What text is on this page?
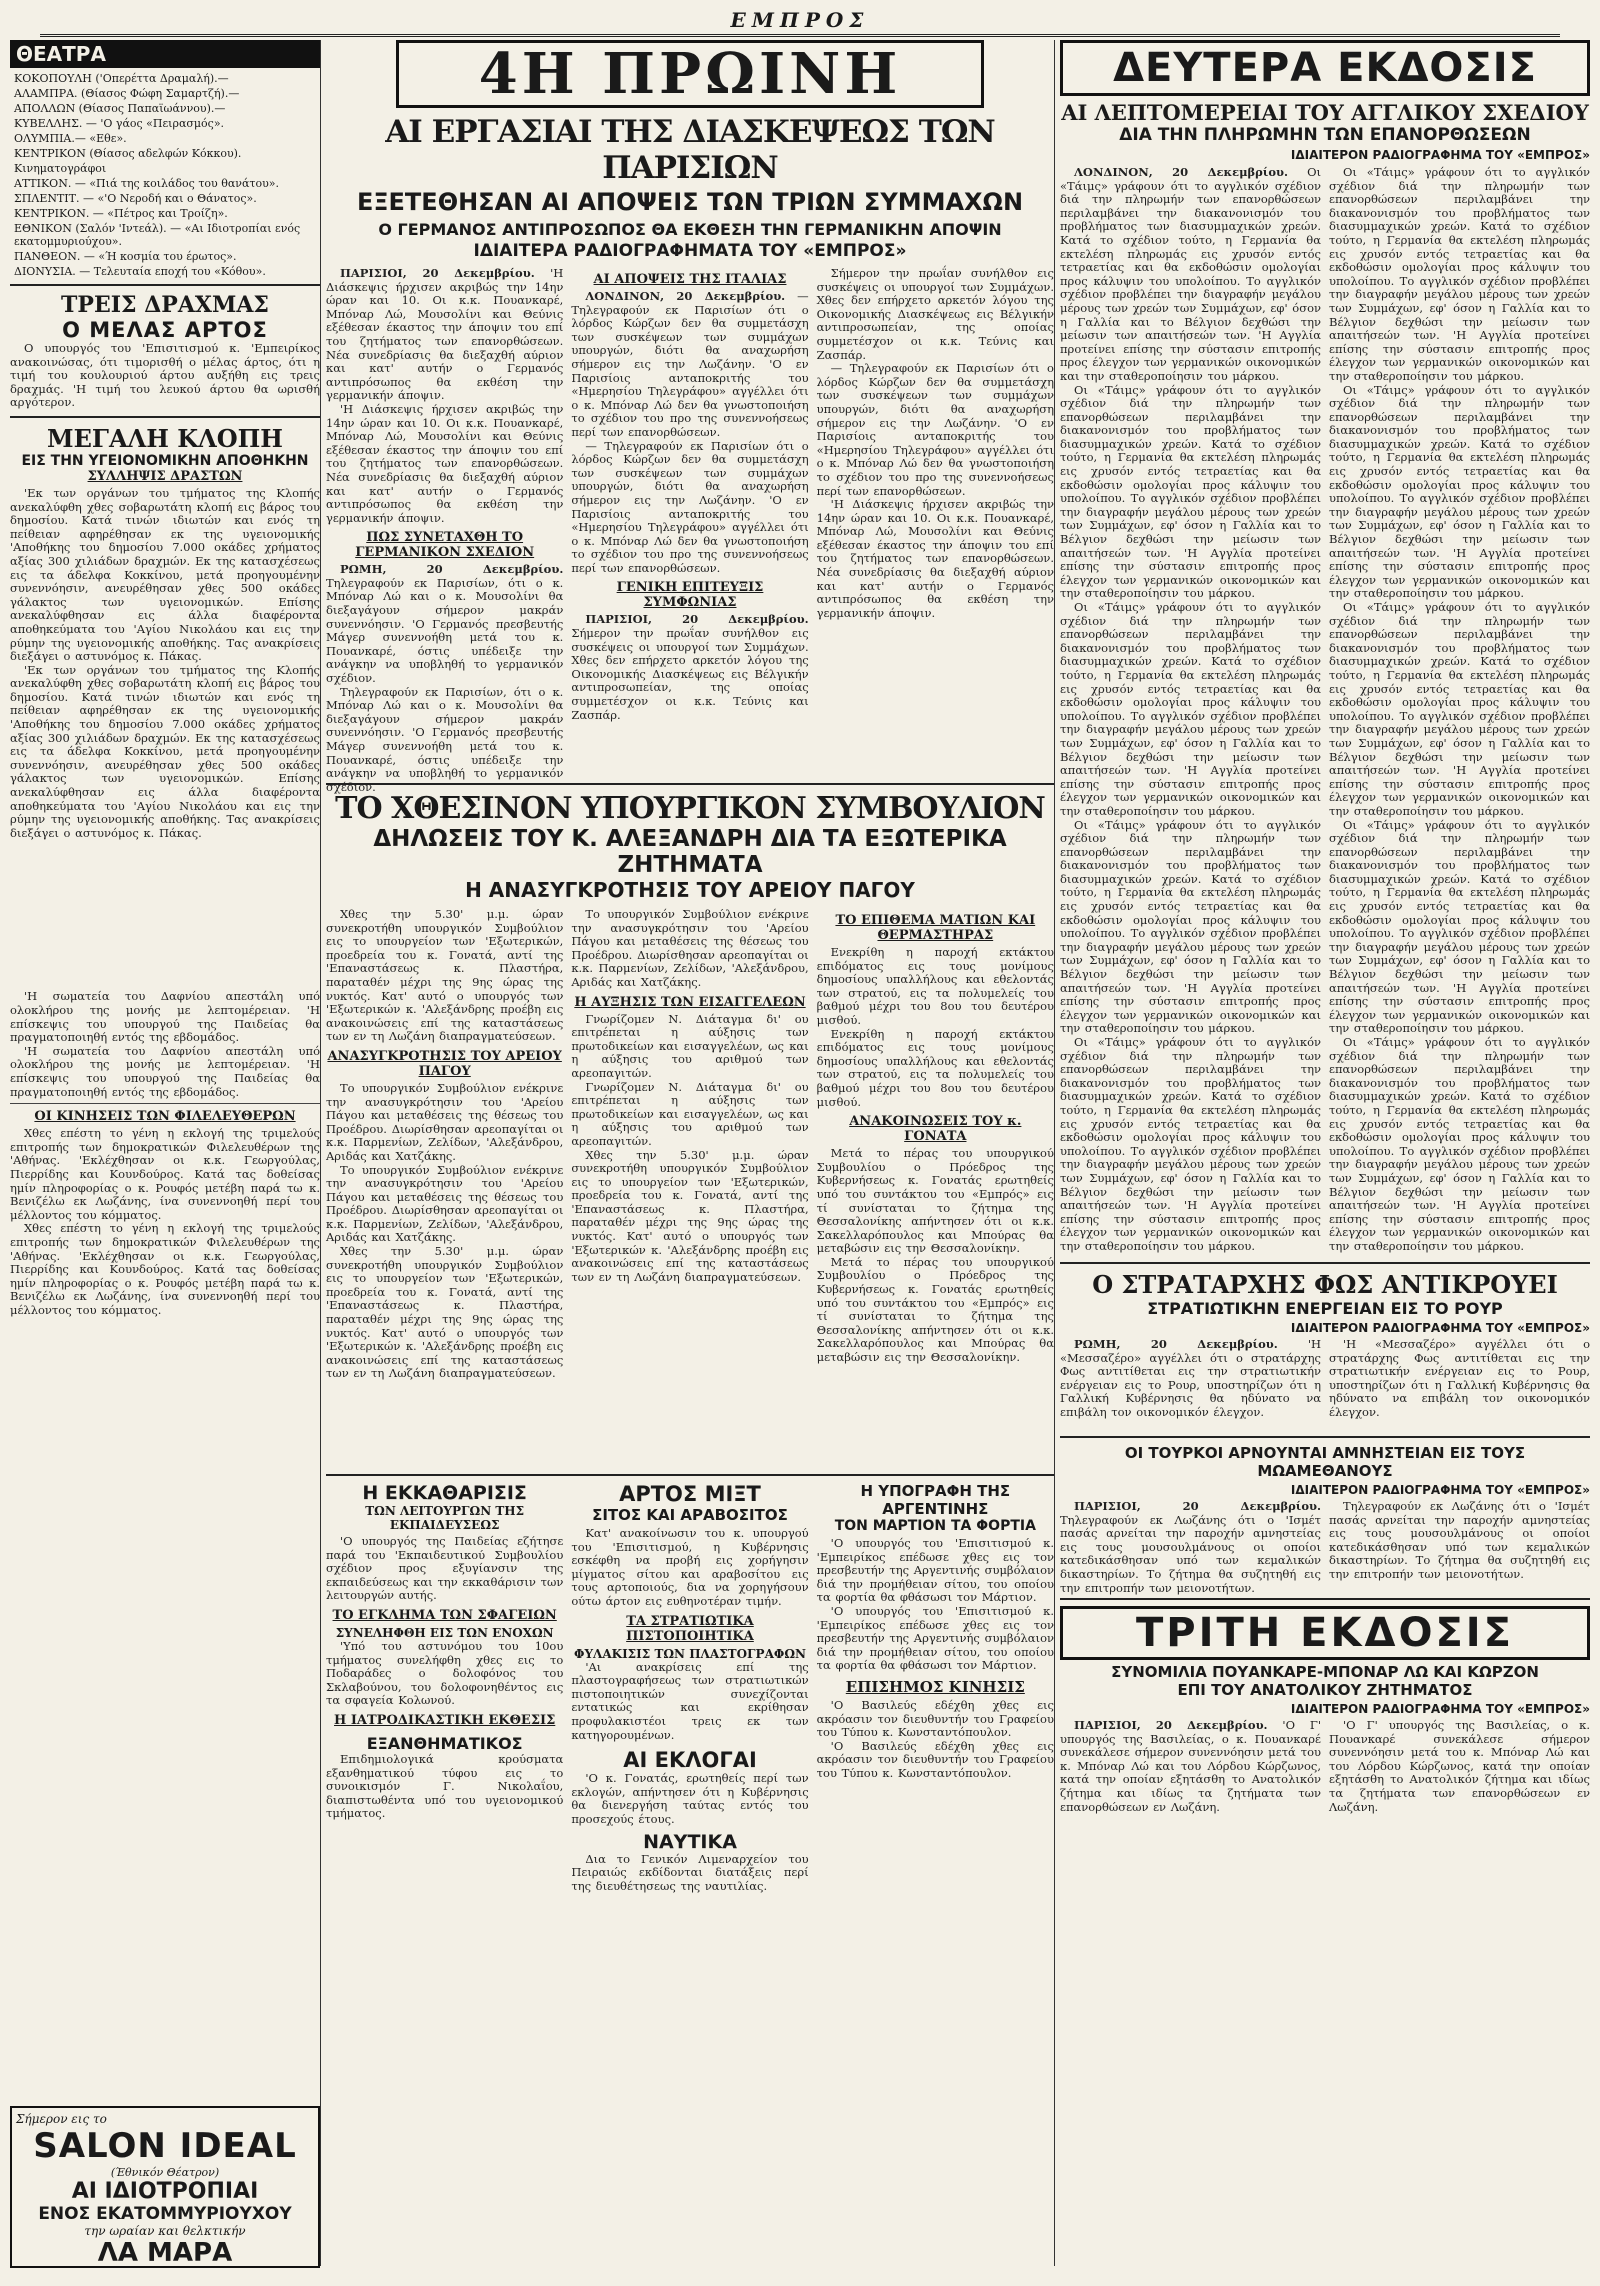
ΕΜΠΡΟΣ
ΘΕΑΤΡΑ
ΚΟΚΟΠΟΥΛΗ ('Οπερέττα Δραμαλή).—
ΑΛΑΜΠΡΑ. (Θίασος Φώφη Σαμαρτζή).—
ΑΠΟΛΛΩΝ (Θίασος Παπαϊωάννου).—
ΚΥΒΕΛΛΗΣ. — 'Ο γάος «Πειρασμός».
ΟΛΥΜΠΙΑ.— «Εθε».
ΚΕΝΤΡΙΚΟΝ (Θίασος αδελφών Κόκκου).
Κινηματογράφοι
ΑΤΤΙΚΟΝ. — «Πιά της κοιλάδος του θανάτου».
ΣΠΛΕΝΤΙΤ. — «'Ο Νεροδή και ο Θάνατος».
ΚΕΝΤΡΙΚΟΝ. — «Πέτρος και Τροίζη».
ΕΘΝΙΚΟΝ (Σαλόν 'Ιντεάλ). — «Αι Ιδιοτροπίαι ενός εκατομμυριούχου».
ΠΑΝΘΕΟΝ. — «Ή κοσμία του έρωτος».
ΔΙΟΝΥΣΙΑ. — Τελευταία εποχή του «Κόθου».
ΤΡΕΙΣ ΔΡΑΧΜΑΣ
Ο ΜΕΛΑΣ ΑΡΤΟΣ

Ο υπουργός του 'Επισιτισμού κ. 'Εμπειρίκος ανακοινώσας, ότι τιμορισθή ο μέλας άρτος, ότι η τιμή του κουλουριού άρτου αυξήθη εις τρεις δραχμάς. 'Η τιμή του λευκού άρτου θα ωρισθή αργότερον.

ΜΕΓΑΛΗ ΚΛΟΠΗ
ΕΙΣ ΤΗΝ ΥΓΕΙΟΝΟΜΙΚΗΝ ΑΠΟΘΗΚΗΝ
ΣΥΛΛΗΨΙΣ ΔΡΑΣΤΩΝ

'Εκ των οργάνων του τμήματος της Κλοπής ανεκαλύφθη χθες σοβαρωτάτη κλοπή εις βάρος του δημοσίου. Κατά τινών ιδιωτών και ενός τη πείθειαν αφηρέθησαν εκ της υγειονομικής 'Αποθήκης του δημοσίου 7.000 οκάδες χρήματος αξίας 300 χιλιάδων δραχμών. Εκ της κατασχέσεως εις τα άδελφα Κοκκίνου, μετά προηγουμένην συνεννόησιν, ανευρέθησαν χθες 500 οκάδες γάλακτος των υγειονομικών. Επίσης ανεκαλύφθησαν εις άλλα διαφέροντα αποθηκεύματα του 'Αγίου Νικολάου και εις την ρύμην της υγειονομικής αποθήκης. Τας ανακρίσεις διεξάγει ο αστυνόμος κ. Πάκας.

'Εκ των οργάνων του τμήματος της Κλοπής ανεκαλύφθη χθες σοβαρωτάτη κλοπή εις βάρος του δημοσίου. Κατά τινών ιδιωτών και ενός τη πείθειαν αφηρέθησαν εκ της υγειονομικής 'Αποθήκης του δημοσίου 7.000 οκάδες χρήματος αξίας 300 χιλιάδων δραχμών. Εκ της κατασχέσεως εις τα άδελφα Κοκκίνου, μετά προηγουμένην συνεννόησιν, ανευρέθησαν χθες 500 οκάδες γάλακτος των υγειονομικών. Επίσης ανεκαλύφθησαν εις άλλα διαφέροντα αποθηκεύματα του 'Αγίου Νικολάου και εις την ρύμην της υγειονομικής αποθήκης. Τας ανακρίσεις διεξάγει ο αστυνόμος κ. Πάκας.

'Η σωματεία του Δαφνίου απεστάλη υπό ολοκλήρου της μονής με λεπτομέρειαν. 'Η επίσκεψις του υπουργού της Παιδείας θα πραγματοποιηθή εντός της εβδομάδος.

'Η σωματεία του Δαφνίου απεστάλη υπό ολοκλήρου της μονής με λεπτομέρειαν. 'Η επίσκεψις του υπουργού της Παιδείας θα πραγματοποιηθή εντός της εβδομάδος.

ΟΙ ΚΙΝΗΣΕΙΣ ΤΩΝ ΦΙΛΕΛΕΥΘΕΡΩΝ

Χθες επέστη το γένη η εκλογή της τριμελούς επιτροπής των δημοκρατικών Φιλελευθέρων της 'Αθήνας. 'Εκλέχθησαν οι κ.κ. Γεωργούλας, Πιερρίδης και Κουνδούρος. Κατά τας δοθείσας ημίν πληροφορίας ο κ. Ρουφός μετέβη παρά τω κ. Βενιζέλω εκ Λωζάνης, ίνα συνεννοηθή περί του μέλλοντος του κόμματος.

Χθες επέστη το γένη η εκλογή της τριμελούς επιτροπής των δημοκρατικών Φιλελευθέρων της 'Αθήνας. 'Εκλέχθησαν οι κ.κ. Γεωργούλας, Πιερρίδης και Κουνδούρος. Κατά τας δοθείσας ημίν πληροφορίας ο κ. Ρουφός μετέβη παρά τω κ. Βενιζέλω εκ Λωζάνης, ίνα συνεννοηθή περί του μέλλοντος του κόμματος.

Σήμερον εις το
SALON IDEAL
(Έθνικόν Θέατρον)
ΑΙ ΙΔΙΟΤΡΟΠΙΑΙ
ΕΝΟΣ ΕΚΑΤΟΜΜΥΡΙΟΥΧΟΥ
την ωραίαν και θελκτικήν
ΛΑ ΜΑΡΑ
4Η ΠΡΩΙΝΗ
ΑΙ ΕΡΓΑΣΙΑΙ ΤΗΣ ΔΙΑΣΚΕΨΕΩΣ ΤΩΝ ΠΑΡΙΣΙΩΝ
ΕΞΕΤΕΘΗΣΑΝ ΑΙ ΑΠΟΨΕΙΣ ΤΩΝ ΤΡΙΩΝ ΣΥΜΜΑΧΩΝ
Ο ΓΕΡΜΑΝΟΣ ΑΝΤΙΠΡΟΣΩΠΟΣ ΘΑ ΕΚΘΕΣΗ ΤΗΝ ΓΕΡΜΑΝΙΚΗΝ ΑΠΟΨΙΝ
ΙΔΙΑΙΤΕΡΑ ΡΑΔΙΟΓΡΑΦΗΜΑΤΑ ΤΟΥ «ΕΜΠΡΟΣ»

ΠΑΡΙΣΙΟΙ, 20 Δεκεμβρίου. 'Η Διάσκεψις ήρχισεν ακριβώς την 14ην ώραν και 10. Οι κ.κ. Πουανκαρέ, Μπόναρ Λώ, Μουσολίνι και Θεύνις εξέθεσαν έκαστος την άποψιν του επί του ζητήματος των επανορθώσεων. Νέα συνεδρίασις θα διεξαχθή αύριον και κατ' αυτήν ο Γερμανός αντιπρόσωπος θα εκθέση την γερμανικήν άποψιν.

'Η Διάσκεψις ήρχισεν ακριβώς την 14ην ώραν και 10. Οι κ.κ. Πουανκαρέ, Μπόναρ Λώ, Μουσολίνι και Θεύνις εξέθεσαν έκαστος την άποψιν του επί του ζητήματος των επανορθώσεων. Νέα συνεδρίασις θα διεξαχθή αύριον και κατ' αυτήν ο Γερμανός αντιπρόσωπος θα εκθέση την γερμανικήν άποψιν.

ΠΩΣ ΣΥΝΕΤΑΧΘΗ ΤΟ ΓΕΡΜΑΝΙΚΟΝ ΣΧΕΔΙΟΝ

ΡΩΜΗ, 20 Δεκεμβρίου. Τηλεγραφούν εκ Παρισίων, ότι ο κ. Μπόναρ Λώ και ο κ. Μουσολίνι θα διεξαγάγουν σήμερον μακράν συνεννόησιν. 'Ο Γερμανός πρεσβευτής Μάγερ συνεννοήθη μετά του κ. Πουανκαρέ, όστις υπέδειξε την ανάγκην να υποβληθή το γερμανικόν σχέδιον.

Τηλεγραφούν εκ Παρισίων, ότι ο κ. Μπόναρ Λώ και ο κ. Μουσολίνι θα διεξαγάγουν σήμερον μακράν συνεννόησιν. 'Ο Γερμανός πρεσβευτής Μάγερ συνεννοήθη μετά του κ. Πουανκαρέ, όστις υπέδειξε την ανάγκην να υποβληθή το γερμανικόν σχέδιον.

ΑΙ ΑΠΟΨΕΙΣ ΤΗΣ ΙΤΑΛΙΑΣ

ΛΟΝΔΙΝΟΝ, 20 Δεκεμβρίου. — Τηλεγραφούν εκ Παρισίων ότι ο λόρδος Κώρζων δεν θα συμμετάσχη των συσκέψεων των συμμάχων υπουργών, διότι θα αναχωρήση σήμερον εις την Λωζάνην. 'Ο εν Παρισίοις ανταποκριτής του «Ημερησίου Τηλεγράφου» αγγέλλει ότι ο κ. Μπόναρ Λώ δεν θα γνωστοποιήση το σχέδιον του προ της συνεννοήσεως περί των επανορθώσεων.

— Τηλεγραφούν εκ Παρισίων ότι ο λόρδος Κώρζων δεν θα συμμετάσχη των συσκέψεων των συμμάχων υπουργών, διότι θα αναχωρήση σήμερον εις την Λωζάνην. 'Ο εν Παρισίοις ανταποκριτής του «Ημερησίου Τηλεγράφου» αγγέλλει ότι ο κ. Μπόναρ Λώ δεν θα γνωστοποιήση το σχέδιον του προ της συνεννοήσεως περί των επανορθώσεων.

ΓΕΝΙΚΗ ΕΠΙΤΕΥΞΙΣ ΣΥΜΦΩΝΙΑΣ

ΠΑΡΙΣΙΟΙ, 20 Δεκεμβρίου. Σήμερον την πρωΐαν συνήλθον εις συσκέψεις οι υπουργοί των Συμμάχων. Χθες δεν επήρχετο αρκετόν λόγου της Οικονομικής Διασκέψεως εις Βέλγικήν αντιπροσωπείαν, της οποίας συμμετέσχον οι κ.κ. Τεύνις και Ζασπάρ.

Σήμερον την πρωΐαν συνήλθον εις συσκέψεις οι υπουργοί των Συμμάχων. Χθες δεν επήρχετο αρκετόν λόγου της Οικονομικής Διασκέψεως εις Βέλγικήν αντιπροσωπείαν, της οποίας συμμετέσχον οι κ.κ. Τεύνις και Ζασπάρ.

— Τηλεγραφούν εκ Παρισίων ότι ο λόρδος Κώρζων δεν θα συμμετάσχη των συσκέψεων των συμμάχων υπουργών, διότι θα αναχωρήση σήμερον εις την Λωζάνην. 'Ο εν Παρισίοις ανταποκριτής του «Ημερησίου Τηλεγράφου» αγγέλλει ότι ο κ. Μπόναρ Λώ δεν θα γνωστοποιήση το σχέδιον του προ της συνεννοήσεως περί των επανορθώσεων.

'Η Διάσκεψις ήρχισεν ακριβώς την 14ην ώραν και 10. Οι κ.κ. Πουανκαρέ, Μπόναρ Λώ, Μουσολίνι και Θεύνις εξέθεσαν έκαστος την άποψιν του επί του ζητήματος των επανορθώσεων. Νέα συνεδρίασις θα διεξαχθή αύριον και κατ' αυτήν ο Γερμανός αντιπρόσωπος θα εκθέση την γερμανικήν άποψιν.

ΤΟ ΧΘΕΣΙΝΟΝ ΥΠΟΥΡΓΙΚΟΝ ΣΥΜΒΟΥΛΙΟΝ
ΔΗΛΩΣΕΙΣ ΤΟΥ Κ. ΑΛΕΞΑΝΔΡΗ ΔΙΑ ΤΑ ΕΞΩΤΕΡΙΚΑ ΖΗΤΗΜΑΤΑ
Η ΑΝΑΣΥΓΚΡΟΤΗΣΙΣ ΤΟΥ ΑΡΕΙΟΥ ΠΑΓΟΥ

Χθες την 5.30' μ.μ. ώραν συνεκροτήθη υπουργικόν Συμβούλιον εις το υπουργείον των 'Εξωτερικών, προεδρεία του κ. Γονατά, αντί της 'Επαναστάσεως κ. Πλαστήρα, παραταθέν μέχρι της 9ης ώρας της νυκτός. Κατ' αυτό ο υπουργός των 'Εξωτερικών κ. 'Αλεξάνδρης προέβη εις ανακοινώσεις επί της καταστάσεως των εν τη Λωζάνη διαπραγματεύσεων.

ΑΝΑΣΥΓΚΡΟΤΗΣΙΣ ΤΟΥ ΑΡΕΙΟΥ ΠΑΓΟΥ

Το υπουργικόν Συμβούλιον ενέκρινε την ανασυγκρότησιν του 'Αρείου Πάγου και μεταθέσεις της θέσεως του Προέδρου. Διωρίσθησαν αρεοπαγίται οι κ.κ. Παρμενίων, Ζελίδων, 'Αλεξάνδρου, Αριδάς και Χατζάκης.

Το υπουργικόν Συμβούλιον ενέκρινε την ανασυγκρότησιν του 'Αρείου Πάγου και μεταθέσεις της θέσεως του Προέδρου. Διωρίσθησαν αρεοπαγίται οι κ.κ. Παρμενίων, Ζελίδων, 'Αλεξάνδρου, Αριδάς και Χατζάκης.

Χθες την 5.30' μ.μ. ώραν συνεκροτήθη υπουργικόν Συμβούλιον εις το υπουργείον των 'Εξωτερικών, προεδρεία του κ. Γονατά, αντί της 'Επαναστάσεως κ. Πλαστήρα, παραταθέν μέχρι της 9ης ώρας της νυκτός. Κατ' αυτό ο υπουργός των 'Εξωτερικών κ. 'Αλεξάνδρης προέβη εις ανακοινώσεις επί της καταστάσεως των εν τη Λωζάνη διαπραγματεύσεων.

Το υπουργικόν Συμβούλιον ενέκρινε την ανασυγκρότησιν του 'Αρείου Πάγου και μεταθέσεις της θέσεως του Προέδρου. Διωρίσθησαν αρεοπαγίται οι κ.κ. Παρμενίων, Ζελίδων, 'Αλεξάνδρου, Αριδάς και Χατζάκης.

Η ΑΥΞΗΣΙΣ ΤΩΝ ΕΙΣΑΓΓΕΛΕΩΝ

Γνωρίζομεν Ν. Διάταγμα δι' ου επιτρέπεται η αύξησις των πρωτοδικείων και εισαγγελέων, ως και η αύξησις του αριθμού των αρεοπαγιτών.

Γνωρίζομεν Ν. Διάταγμα δι' ου επιτρέπεται η αύξησις των πρωτοδικείων και εισαγγελέων, ως και η αύξησις του αριθμού των αρεοπαγιτών.

Χθες την 5.30' μ.μ. ώραν συνεκροτήθη υπουργικόν Συμβούλιον εις το υπουργείον των 'Εξωτερικών, προεδρεία του κ. Γονατά, αντί της 'Επαναστάσεως κ. Πλαστήρα, παραταθέν μέχρι της 9ης ώρας της νυκτός. Κατ' αυτό ο υπουργός των 'Εξωτερικών κ. 'Αλεξάνδρης προέβη εις ανακοινώσεις επί της καταστάσεως των εν τη Λωζάνη διαπραγματεύσεων.

ΤΟ ΕΠΙΘΕΜΑ ΜΑΤΙΩΝ ΚΑΙ ΘΕΡΜΑΣΤΗΡΑΣ

Ενεκρίθη η παροχή εκτάκτου επιδόματος εις τους μονίμους δημοσίους υπαλλήλους και εθελοντάς των στρατού, εις τα πολυμελείς του βαθμού μέχρι του 8ου του δευτέρου μισθού.

Ενεκρίθη η παροχή εκτάκτου επιδόματος εις τους μονίμους δημοσίους υπαλλήλους και εθελοντάς των στρατού, εις τα πολυμελείς του βαθμού μέχρι του 8ου του δευτέρου μισθού.

ΑΝΑΚΟΙΝΩΣΕΙΣ ΤΟΥ κ. ΓΟΝΑΤΑ

Μετά το πέρας του υπουργικού Συμβουλίου ο Πρόεδρος της Κυβερνήσεως κ. Γονατάς ερωτηθείς υπό του συντάκτου του «Εμπρός» εις τί συνίσταται το ζήτημα της Θεσσαλονίκης απήντησεν ότι οι κ.κ. Σακελλαρόπουλος και Μπούρας θα μεταβώσιν εις την Θεσσαλονίκην.

Μετά το πέρας του υπουργικού Συμβουλίου ο Πρόεδρος της Κυβερνήσεως κ. Γονατάς ερωτηθείς υπό του συντάκτου του «Εμπρός» εις τί συνίσταται το ζήτημα της Θεσσαλονίκης απήντησεν ότι οι κ.κ. Σακελλαρόπουλος και Μπούρας θα μεταβώσιν εις την Θεσσαλονίκην.

Η ΕΚΚΑΘΑΡΙΣΙΣ
ΤΩΝ ΛΕΙΤΟΥΡΓΩΝ ΤΗΣ ΕΚΠΑΙΔΕΥΣΕΩΣ

'Ο υπουργός της Παιδείας εζήτησε παρά του 'Εκπαιδευτικού Συμβουλίου σχέδιον προς εξυγίανσιν της εκπαιδεύσεως και την εκκαθάρισιν των λειτουργών αυτής.

ΤΟ ΕΓΚΛΗΜΑ ΤΩΝ ΣΦΑΓΕΙΩΝ
ΣΥΝΕΛΗΦΘΗ ΕΙΣ ΤΩΝ ΕΝΟΧΩΝ

'Υπό του αστυνόμου του 10ου τμήματος συνελήφθη χθες εις το Ποδαράδες ο δολοφόνος του Σκλαβούνου, του δολοφονηθέντος εις τα σφαγεία Κολωνού.

Η ΙΑΤΡΟΔΙΚΑΣΤΙΚΗ ΕΚΘΕΣΙΣ
ΕΞΑΝΘΗΜΑΤΙΚΟΣ

Επιδημιολογικά κρούσματα εξανθηματικού τύφου εις το συνοικισμόν Γ. Νικολαΐου, διαπιστωθέντα υπό του υγειονομικού τμήματος.

ΑΡΤΟΣ ΜΙΞΤ
ΣΙΤΟΣ ΚΑΙ ΑΡΑΒΟΣΙΤΟΣ

Κατ' ανακοίνωσιν του κ. υπουργού του 'Επισιτισμού, η Κυβέρνησις εσκέφθη να προβή εις χορήγησιν μίγματος σίτου και αραβοσίτου εις τους αρτοποιούς, δια να χορηγήσουν ούτω άρτον εις ευθηνοτέραν τιμήν.

ΤΑ ΣΤΡΑΤΙΩΤΙΚΑ ΠΙΣΤΟΠΟΙΗΤΙΚΑ
ΦΥΛΑΚΙΣΙΣ ΤΩΝ ΠΛΑΣΤΟΓΡΑΦΩΝ

'Αι ανακρίσεις επί της πλαστογραφήσεως των στρατιωτικών πιστοποιητικών συνεχίζονται εντατικώς και εκρίθησαν προφυλακιστέοι τρεις εκ των κατηγορουμένων.

ΑΙ ΕΚΛΟΓΑΙ

'Ο κ. Γονατάς, ερωτηθείς περί των εκλογών, απήντησεν ότι η Κυβέρνησις θα διενεργήση ταύτας εντός του προσεχούς έτους.

ΝΑΥΤΙΚΑ

Δια το Γενικόν Λιμεναρχείον του Πειραιώς εκδίδονται διατάξεις περί της διευθέτησεως της ναυτιλίας.

Η ΥΠΟΓΡΑΦΗ ΤΗΣ ΑΡΓΕΝΤΙΝΗΣ
ΤΟΝ ΜΑΡΤΙΟΝ ΤΑ ΦΟΡΤΙΑ

'Ο υπουργός του 'Επισιτισμού κ. 'Εμπειρίκος επέδωσε χθες εις τον πρεσβευτήν της Αργεντινής συμβόλαιον διά την προμήθειαν σίτου, του οποίου τα φορτία θα φθάσωσι τον Μάρτιον.

'Ο υπουργός του 'Επισιτισμού κ. 'Εμπειρίκος επέδωσε χθες εις τον πρεσβευτήν της Αργεντινής συμβόλαιον διά την προμήθειαν σίτου, του οποίου τα φορτία θα φθάσωσι τον Μάρτιον.

ΕΠΙΣΗΜΟΣ ΚΙΝΗΣΙΣ

'Ο Βασιλεύς εδέχθη χθες εις ακρόασιν τον διευθυντήν του Γραφείου του Τύπου κ. Κωνσταντόπουλον.

'Ο Βασιλεύς εδέχθη χθες εις ακρόασιν τον διευθυντήν του Γραφείου του Τύπου κ. Κωνσταντόπουλον.

ΔΕΥΤΕΡΑ ΕΚΔΟΣΙΣ
ΑΙ ΛΕΠΤΟΜΕΡΕΙΑΙ ΤΟΥ ΑΓΓΛΙΚΟΥ ΣΧΕΔΙΟΥ
ΔΙΑ ΤΗΝ ΠΛΗΡΩΜΗΝ ΤΩΝ ΕΠΑΝΟΡΘΩΣΕΩΝ
ΙΔΙΑΙΤΕΡΟΝ ΡΑΔΙΟΓΡΑΦΗΜΑ ΤΟΥ «ΕΜΠΡΟΣ»

ΛΟΝΔΙΝΟΝ, 20 Δεκεμβρίου. Οι «Τάιμς» γράφουν ότι το αγγλικόν σχέδιον διά την πληρωμήν των επανορθώσεων περιλαμβάνει την διακανονισμόν του προβλήματος των διασυμμαχικών χρεών. Κατά το σχέδιον τούτο, η Γερμανία θα εκτελέση πληρωμάς εις χρυσόν εντός τετραετίας και θα εκδοθώσιν ομολογίαι προς κάλυψιν του υπολοίπου. Το αγγλικόν σχέδιον προβλέπει την διαγραφήν μεγάλου μέρους των χρεών των Συμμάχων, εφ' όσον η Γαλλία και το Βέλγιον δεχθώσι την μείωσιν των απαιτήσεών των. 'Η Αγγλία προτείνει επίσης την σύστασιν επιτροπής προς έλεγχον των γερμανικών οικονομικών και την σταθεροποίησιν του μάρκου.

Οι «Τάιμς» γράφουν ότι το αγγλικόν σχέδιον διά την πληρωμήν των επανορθώσεων περιλαμβάνει την διακανονισμόν του προβλήματος των διασυμμαχικών χρεών. Κατά το σχέδιον τούτο, η Γερμανία θα εκτελέση πληρωμάς εις χρυσόν εντός τετραετίας και θα εκδοθώσιν ομολογίαι προς κάλυψιν του υπολοίπου. Το αγγλικόν σχέδιον προβλέπει την διαγραφήν μεγάλου μέρους των χρεών των Συμμάχων, εφ' όσον η Γαλλία και το Βέλγιον δεχθώσι την μείωσιν των απαιτήσεών των. 'Η Αγγλία προτείνει επίσης την σύστασιν επιτροπής προς έλεγχον των γερμανικών οικονομικών και την σταθεροποίησιν του μάρκου.

Οι «Τάιμς» γράφουν ότι το αγγλικόν σχέδιον διά την πληρωμήν των επανορθώσεων περιλαμβάνει την διακανονισμόν του προβλήματος των διασυμμαχικών χρεών. Κατά το σχέδιον τούτο, η Γερμανία θα εκτελέση πληρωμάς εις χρυσόν εντός τετραετίας και θα εκδοθώσιν ομολογίαι προς κάλυψιν του υπολοίπου. Το αγγλικόν σχέδιον προβλέπει την διαγραφήν μεγάλου μέρους των χρεών των Συμμάχων, εφ' όσον η Γαλλία και το Βέλγιον δεχθώσι την μείωσιν των απαιτήσεών των. 'Η Αγγλία προτείνει επίσης την σύστασιν επιτροπής προς έλεγχον των γερμανικών οικονομικών και την σταθεροποίησιν του μάρκου.

Οι «Τάιμς» γράφουν ότι το αγγλικόν σχέδιον διά την πληρωμήν των επανορθώσεων περιλαμβάνει την διακανονισμόν του προβλήματος των διασυμμαχικών χρεών. Κατά το σχέδιον τούτο, η Γερμανία θα εκτελέση πληρωμάς εις χρυσόν εντός τετραετίας και θα εκδοθώσιν ομολογίαι προς κάλυψιν του υπολοίπου. Το αγγλικόν σχέδιον προβλέπει την διαγραφήν μεγάλου μέρους των χρεών των Συμμάχων, εφ' όσον η Γαλλία και το Βέλγιον δεχθώσι την μείωσιν των απαιτήσεών των. 'Η Αγγλία προτείνει επίσης την σύστασιν επιτροπής προς έλεγχον των γερμανικών οικονομικών και την σταθεροποίησιν του μάρκου.

Οι «Τάιμς» γράφουν ότι το αγγλικόν σχέδιον διά την πληρωμήν των επανορθώσεων περιλαμβάνει την διακανονισμόν του προβλήματος των διασυμμαχικών χρεών. Κατά το σχέδιον τούτο, η Γερμανία θα εκτελέση πληρωμάς εις χρυσόν εντός τετραετίας και θα εκδοθώσιν ομολογίαι προς κάλυψιν του υπολοίπου. Το αγγλικόν σχέδιον προβλέπει την διαγραφήν μεγάλου μέρους των χρεών των Συμμάχων, εφ' όσον η Γαλλία και το Βέλγιον δεχθώσι την μείωσιν των απαιτήσεών των. 'Η Αγγλία προτείνει επίσης την σύστασιν επιτροπής προς έλεγχον των γερμανικών οικονομικών και την σταθεροποίησιν του μάρκου.

Οι «Τάιμς» γράφουν ότι το αγγλικόν σχέδιον διά την πληρωμήν των επανορθώσεων περιλαμβάνει την διακανονισμόν του προβλήματος των διασυμμαχικών χρεών. Κατά το σχέδιον τούτο, η Γερμανία θα εκτελέση πληρωμάς εις χρυσόν εντός τετραετίας και θα εκδοθώσιν ομολογίαι προς κάλυψιν του υπολοίπου. Το αγγλικόν σχέδιον προβλέπει την διαγραφήν μεγάλου μέρους των χρεών των Συμμάχων, εφ' όσον η Γαλλία και το Βέλγιον δεχθώσι την μείωσιν των απαιτήσεών των. 'Η Αγγλία προτείνει επίσης την σύστασιν επιτροπής προς έλεγχον των γερμανικών οικονομικών και την σταθεροποίησιν του μάρκου.

Οι «Τάιμς» γράφουν ότι το αγγλικόν σχέδιον διά την πληρωμήν των επανορθώσεων περιλαμβάνει την διακανονισμόν του προβλήματος των διασυμμαχικών χρεών. Κατά το σχέδιον τούτο, η Γερμανία θα εκτελέση πληρωμάς εις χρυσόν εντός τετραετίας και θα εκδοθώσιν ομολογίαι προς κάλυψιν του υπολοίπου. Το αγγλικόν σχέδιον προβλέπει την διαγραφήν μεγάλου μέρους των χρεών των Συμμάχων, εφ' όσον η Γαλλία και το Βέλγιον δεχθώσι την μείωσιν των απαιτήσεών των. 'Η Αγγλία προτείνει επίσης την σύστασιν επιτροπής προς έλεγχον των γερμανικών οικονομικών και την σταθεροποίησιν του μάρκου.

Οι «Τάιμς» γράφουν ότι το αγγλικόν σχέδιον διά την πληρωμήν των επανορθώσεων περιλαμβάνει την διακανονισμόν του προβλήματος των διασυμμαχικών χρεών. Κατά το σχέδιον τούτο, η Γερμανία θα εκτελέση πληρωμάς εις χρυσόν εντός τετραετίας και θα εκδοθώσιν ομολογίαι προς κάλυψιν του υπολοίπου. Το αγγλικόν σχέδιον προβλέπει την διαγραφήν μεγάλου μέρους των χρεών των Συμμάχων, εφ' όσον η Γαλλία και το Βέλγιον δεχθώσι την μείωσιν των απαιτήσεών των. 'Η Αγγλία προτείνει επίσης την σύστασιν επιτροπής προς έλεγχον των γερμανικών οικονομικών και την σταθεροποίησιν του μάρκου.

Οι «Τάιμς» γράφουν ότι το αγγλικόν σχέδιον διά την πληρωμήν των επανορθώσεων περιλαμβάνει την διακανονισμόν του προβλήματος των διασυμμαχικών χρεών. Κατά το σχέδιον τούτο, η Γερμανία θα εκτελέση πληρωμάς εις χρυσόν εντός τετραετίας και θα εκδοθώσιν ομολογίαι προς κάλυψιν του υπολοίπου. Το αγγλικόν σχέδιον προβλέπει την διαγραφήν μεγάλου μέρους των χρεών των Συμμάχων, εφ' όσον η Γαλλία και το Βέλγιον δεχθώσι την μείωσιν των απαιτήσεών των. 'Η Αγγλία προτείνει επίσης την σύστασιν επιτροπής προς έλεγχον των γερμανικών οικονομικών και την σταθεροποίησιν του μάρκου.

Οι «Τάιμς» γράφουν ότι το αγγλικόν σχέδιον διά την πληρωμήν των επανορθώσεων περιλαμβάνει την διακανονισμόν του προβλήματος των διασυμμαχικών χρεών. Κατά το σχέδιον τούτο, η Γερμανία θα εκτελέση πληρωμάς εις χρυσόν εντός τετραετίας και θα εκδοθώσιν ομολογίαι προς κάλυψιν του υπολοίπου. Το αγγλικόν σχέδιον προβλέπει την διαγραφήν μεγάλου μέρους των χρεών των Συμμάχων, εφ' όσον η Γαλλία και το Βέλγιον δεχθώσι την μείωσιν των απαιτήσεών των. 'Η Αγγλία προτείνει επίσης την σύστασιν επιτροπής προς έλεγχον των γερμανικών οικονομικών και την σταθεροποίησιν του μάρκου.

Ο ΣΤΡΑΤΑΡΧΗΣ ΦΩΣ ΑΝΤΙΚΡΟΥΕΙ
ΣΤΡΑΤΙΩΤΙΚΗΝ ΕΝΕΡΓΕΙΑΝ ΕΙΣ ΤΟ ΡΟΥΡ
ΙΔΙΑΙΤΕΡΟΝ ΡΑΔΙΟΓΡΑΦΗΜΑ ΤΟΥ «ΕΜΠΡΟΣ»

ΡΩΜΗ, 20 Δεκεμβρίου.	'Η «Μεσσαζέρο» αγγέλλει ότι ο στρατάρχης Φως αντιτίθεται εις την στρατιωτικήν ενέργειαν εις το Ρουρ, υποστηρίζων ότι η Γαλλική Κυβέρνησις θα ηδύνατο να επιβάλη τον οικονομικόν έλεγχον.

'Η «Μεσσαζέρο» αγγέλλει ότι ο στρατάρχης Φως αντιτίθεται εις την στρατιωτικήν ενέργειαν εις το Ρουρ, υποστηρίζων ότι η Γαλλική Κυβέρνησις θα ηδύνατο να επιβάλη τον οικονομικόν έλεγχον.

ΟΙ ΤΟΥΡΚΟΙ ΑΡΝΟΥΝΤΑΙ ΑΜΝΗΣΤΕΙΑΝ ΕΙΣ ΤΟΥΣ ΜΩΑΜΕΘΑΝΟΥΣ
ΙΔΙΑΙΤΕΡΟΝ ΡΑΔΙΟΓΡΑΦΗΜΑ ΤΟΥ «ΕΜΠΡΟΣ»

ΠΑΡΙΣΙΟΙ, 20 Δεκεμβρίου. Τηλεγραφούν εκ Λωζάνης ότι ο 'Ισμέτ πασάς αρνείται την παροχήν αμνηστείας εις τους μουσουλμάνους οι οποίοι κατεδικάσθησαν υπό των κεμαλικών δικαστηρίων. Το ζήτημα θα συζητηθή εις την επιτροπήν των μειονοτήτων.

Τηλεγραφούν εκ Λωζάνης ότι ο 'Ισμέτ πασάς αρνείται την παροχήν αμνηστείας εις τους μουσουλμάνους οι οποίοι κατεδικάσθησαν υπό των κεμαλικών δικαστηρίων. Το ζήτημα θα συζητηθή εις την επιτροπήν των μειονοτήτων.

ΤΡΙΤΗ ΕΚΔΟΣΙΣ
ΣΥΝΟΜΙΛΙΑ ΠΟΥΑΝΚΑΡΕ-ΜΠΟΝΑΡ ΛΩ ΚΑΙ ΚΩΡΖΟΝ
ΕΠΙ ΤΟΥ ΑΝΑΤΟΛΙΚΟΥ ΖΗΤΗΜΑΤΟΣ
ΙΔΙΑΙΤΕΡΟΝ ΡΑΔΙΟΓΡΑΦΗΜΑ ΤΟΥ «ΕΜΠΡΟΣ»

ΠΑΡΙΣΙΟΙ, 20 Δεκεμβρίου. 'Ο Γ' υπουργός της Βασιλείας, ο κ. Πουανκαρέ συνεκάλεσε σήμερον συνεννόησιν μετά του κ. Μπόναρ Λώ και του Λόρδου Κώρζωνος, κατά την οποίαν εξητάσθη το Ανατολικόν ζήτημα και ιδίως τα ζητήματα των επανορθώσεων εν Λωζάνη.

'Ο Γ' υπουργός της Βασιλείας, ο κ. Πουανκαρέ συνεκάλεσε σήμερον συνεννόησιν μετά του κ. Μπόναρ Λώ και του Λόρδου Κώρζωνος, κατά την οποίαν εξητάσθη το Ανατολικόν ζήτημα και ιδίως τα ζητήματα των επανορθώσεων εν Λωζάνη.
